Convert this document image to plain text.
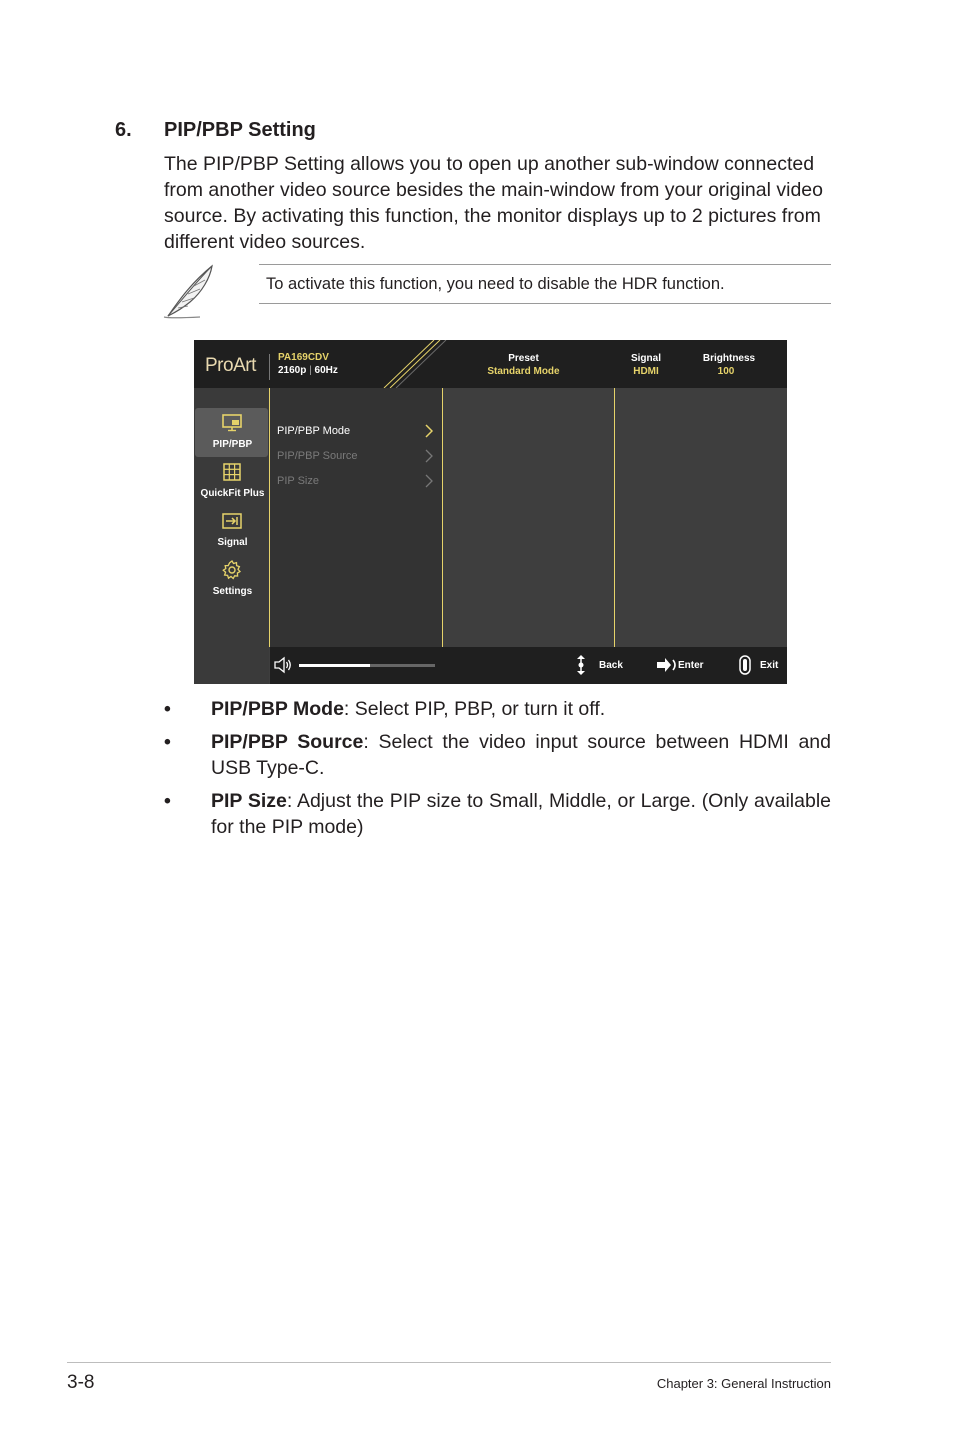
6. PIP/PBP Setting

The PIP/PBP Setting allows you to open up another sub-window connected from another video source besides the main-window from your original video source. By activating this function, the monitor displays up to 2 pictures from different video sources.

To activate this function, you need to disable the HDR function.
ProArt PA169CDV
2160p | 60Hz
Preset
Standard Mode
Signal
HDMI
Brightness
100
PIP/PBP
QuickFit Plus
Signal
Settings
PIP/PBP Mode
PIP/PBP Source
PIP Size
Back	Enter	Exit
• PIP/PBP Mode: Select PIP, PBP, or turn it off.
• PIP/PBP Source: Select the video input source between HDMI and USB Type-C.
• PIP Size: Adjust the PIP size to Small, Middle, or Large. (Only available for the PIP mode)
3-8	Chapter 3: General Instruction
